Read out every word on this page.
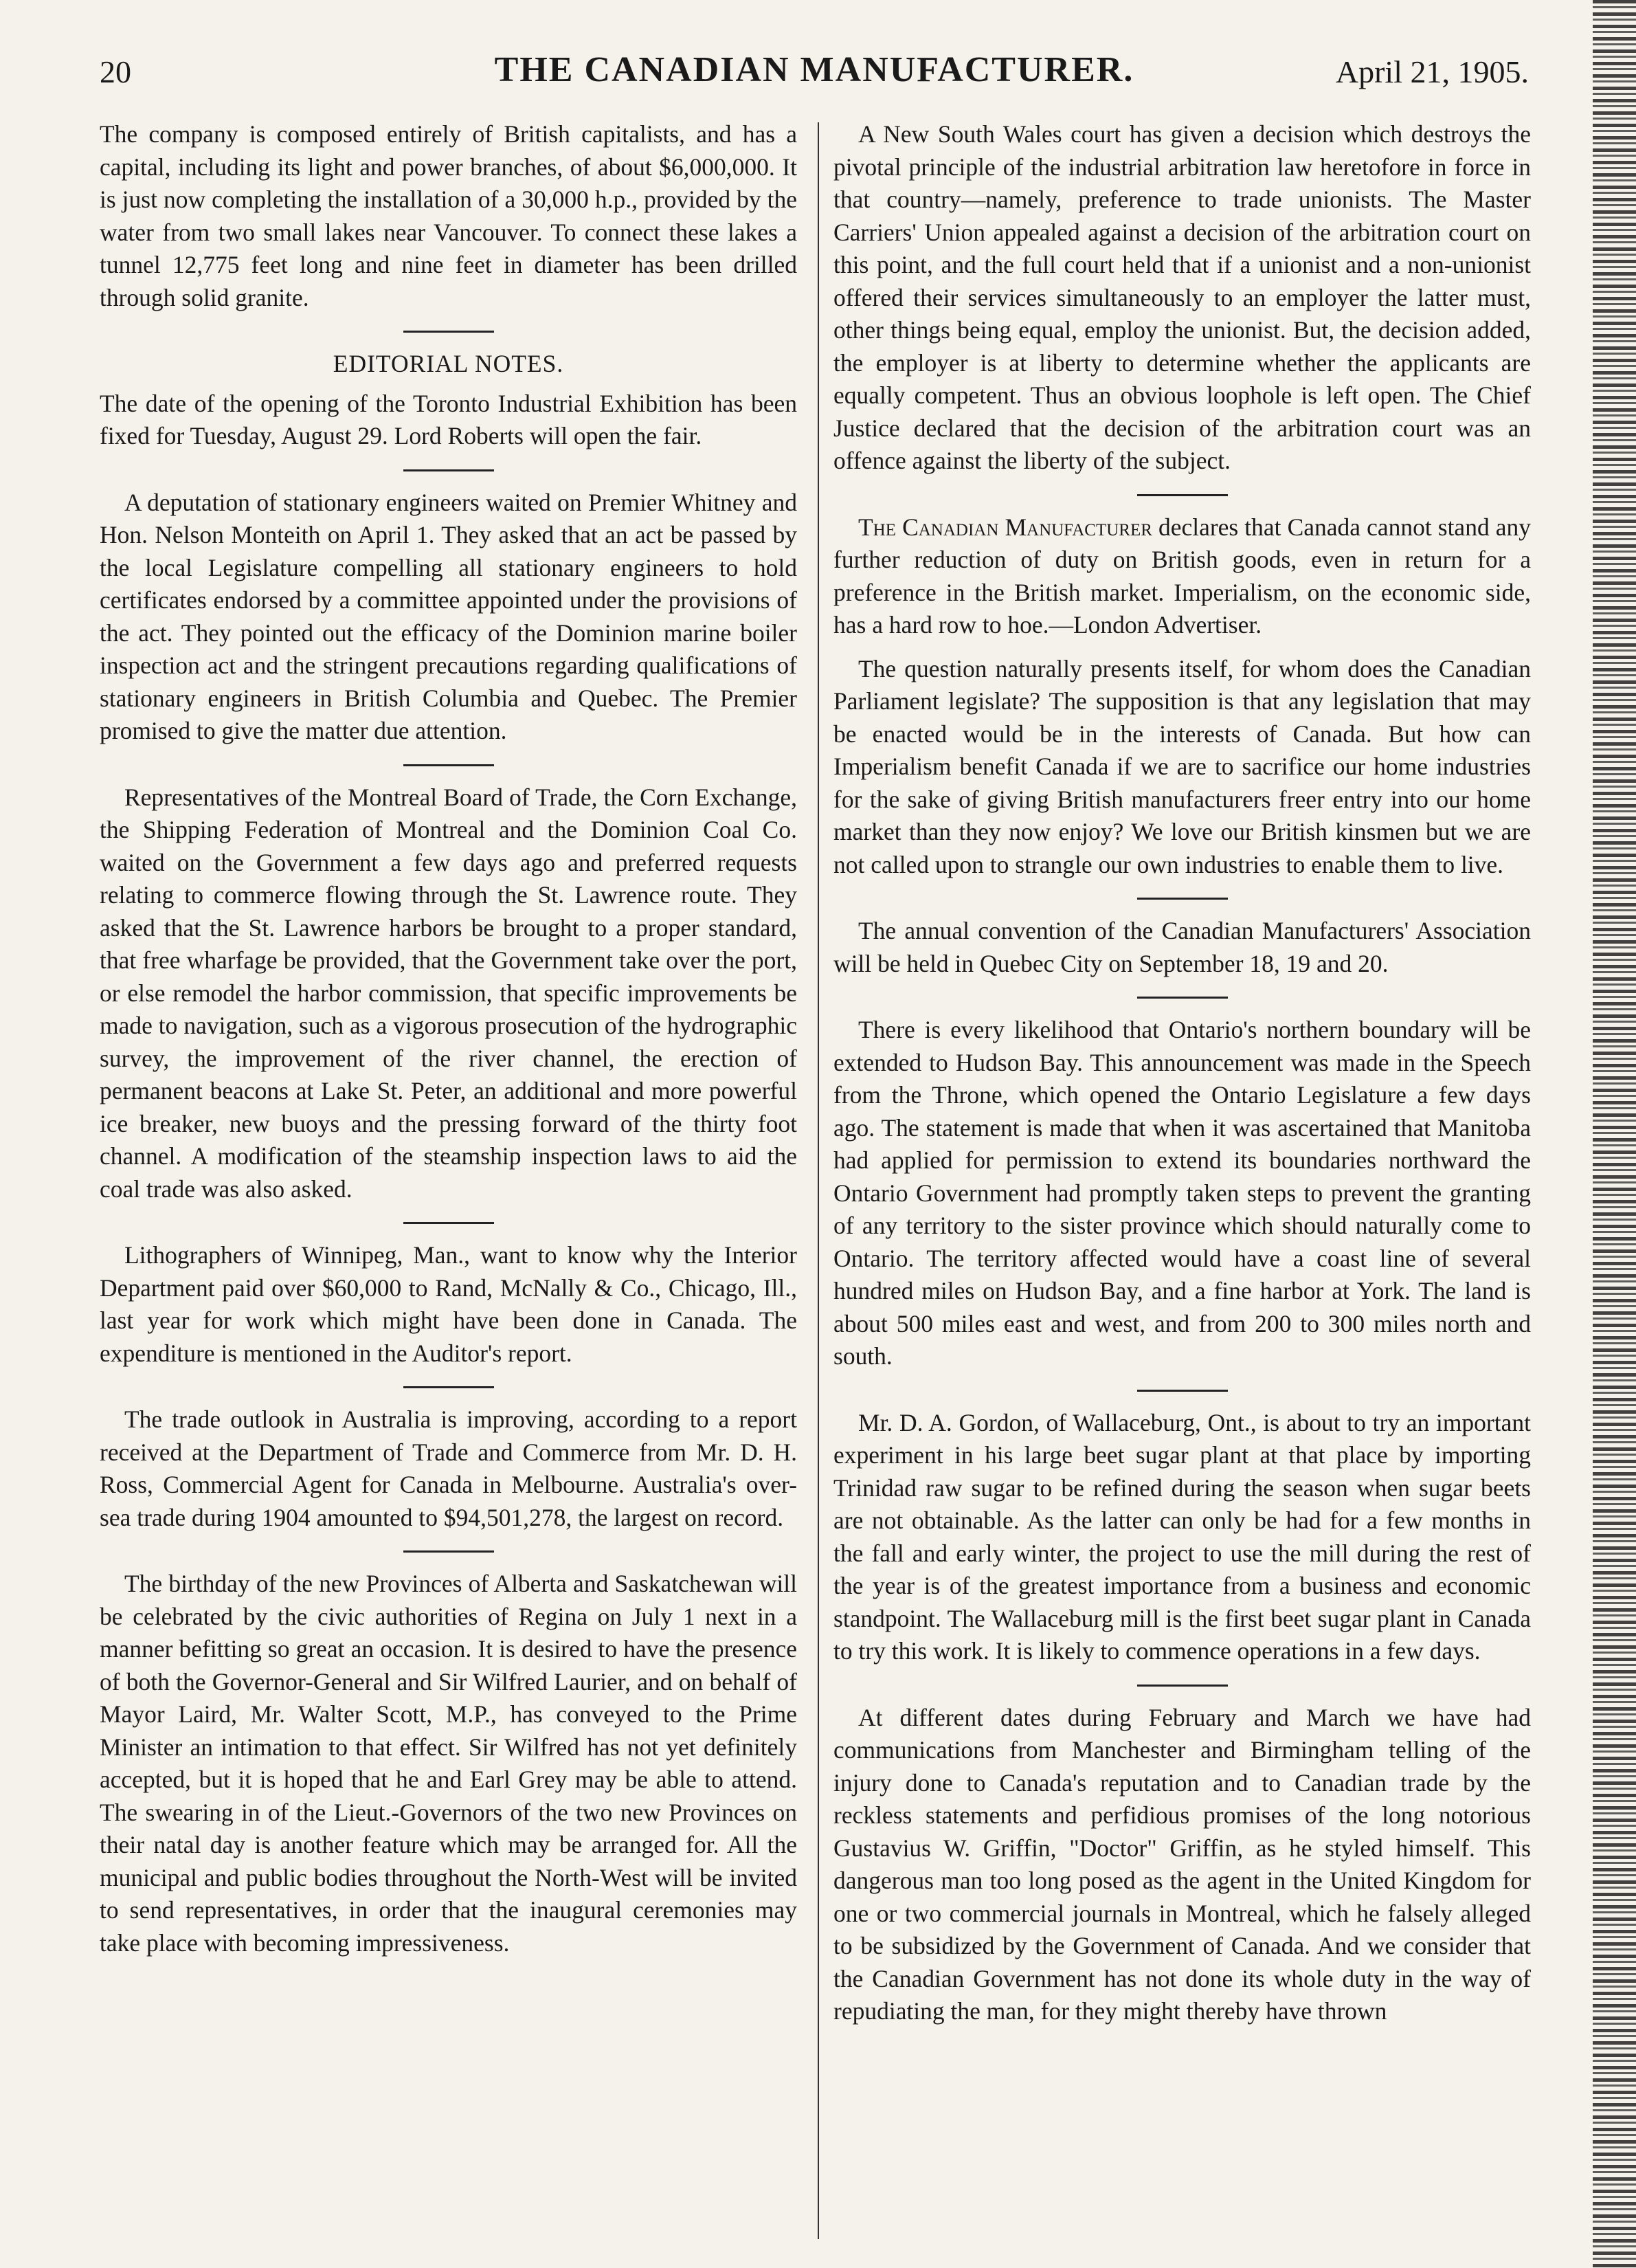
20	THE CANADIAN MANUFACTURER.	April 21, 1905.

The company is composed entirely of British capitalists, and has a capital, including its light and power branches, of about $6,000,000. It is just now completing the installation of a 30,000 h.p., provided by the water from two small lakes near Vancouver. To connect these lakes a tunnel 12,775 feet long and nine feet in diameter has been drilled through solid granite.

EDITORIAL NOTES.

The date of the opening of the Toronto Industrial Exhibition has been fixed for Tuesday, August 29. Lord Roberts will open the fair.

A deputation of stationary engineers waited on Premier Whitney and Hon. Nelson Monteith on April 1. They asked that an act be passed by the local Legislature compelling all stationary engineers to hold certificates endorsed by a committee appointed under the provisions of the act. They pointed out the efficacy of the Dominion marine boiler inspection act and the stringent precautions regarding qualifications of stationary engineers in British Columbia and Quebec. The Premier promised to give the matter due attention.

Representatives of the Montreal Board of Trade, the Corn Exchange, the Shipping Federation of Montreal and the Dominion Coal Co. waited on the Government a few days ago and preferred requests relating to commerce flowing through the St. Lawrence route. They asked that the St. Lawrence harbors be brought to a proper standard, that free wharfage be provided, that the Government take over the port, or else remodel the harbor commission, that specific improvements be made to navigation, such as a vigorous prosecution of the hydrographic survey, the improvement of the river channel, the erection of permanent beacons at Lake St. Peter, an additional and more powerful ice breaker, new buoys and the pressing forward of the thirty foot channel. A modification of the steamship inspection laws to aid the coal trade was also asked.

Lithographers of Winnipeg, Man., want to know why the Interior Department paid over $60,000 to Rand, McNally & Co., Chicago, Ill., last year for work which might have been done in Canada. The expenditure is mentioned in the Auditor's report.

The trade outlook in Australia is improving, according to a report received at the Department of Trade and Commerce from Mr. D. H. Ross, Commercial Agent for Canada in Melbourne. Australia's over-sea trade during 1904 amounted to $94,501,278, the largest on record.

The birthday of the new Provinces of Alberta and Saskatchewan will be celebrated by the civic authorities of Regina on July 1 next in a manner befitting so great an occasion. It is desired to have the presence of both the Governor-General and Sir Wilfred Laurier, and on behalf of Mayor Laird, Mr. Walter Scott, M.P., has conveyed to the Prime Minister an intimation to that effect. Sir Wilfred has not yet definitely accepted, but it is hoped that he and Earl Grey may be able to attend. The swearing in of the Lieut.-Governors of the two new Provinces on their natal day is another feature which may be arranged for. All the municipal and public bodies throughout the North-West will be invited to send representatives, in order that the inaugural ceremonies may take place with becoming impressiveness.

A New South Wales court has given a decision which destroys the pivotal principle of the industrial arbitration law heretofore in force in that country—namely, preference to trade unionists. The Master Carriers' Union appealed against a decision of the arbitration court on this point, and the full court held that if a unionist and a non-unionist offered their services simultaneously to an employer the latter must, other things being equal, employ the unionist. But, the decision added, the employer is at liberty to determine whether the applicants are equally competent. Thus an obvious loophole is left open. The Chief Justice declared that the decision of the arbitration court was an offence against the liberty of the subject.

The Canadian Manufacturer declares that Canada cannot stand any further reduction of duty on British goods, even in return for a preference in the British market. Imperialism, on the economic side, has a hard row to hoe.—London Advertiser.

The question naturally presents itself, for whom does the Canadian Parliament legislate? The supposition is that any legislation that may be enacted would be in the interests of Canada. But how can Imperialism benefit Canada if we are to sacrifice our home industries for the sake of giving British manufacturers freer entry into our home market than they now enjoy? We love our British kinsmen but we are not called upon to strangle our own industries to enable them to live.

The annual convention of the Canadian Manufacturers' Association will be held in Quebec City on September 18, 19 and 20.

There is every likelihood that Ontario's northern boundary will be extended to Hudson Bay. This announcement was made in the Speech from the Throne, which opened the Ontario Legislature a few days ago. The statement is made that when it was ascertained that Manitoba had applied for permission to extend its boundaries northward the Ontario Government had promptly taken steps to prevent the granting of any territory to the sister province which should naturally come to Ontario. The territory affected would have a coast line of several hundred miles on Hudson Bay, and a fine harbor at York. The land is about 500 miles east and west, and from 200 to 300 miles north and south.

Mr. D. A. Gordon, of Wallaceburg, Ont., is about to try an important experiment in his large beet sugar plant at that place by importing Trinidad raw sugar to be refined during the season when sugar beets are not obtainable. As the latter can only be had for a few months in the fall and early winter, the project to use the mill during the rest of the year is of the greatest importance from a business and economic standpoint. The Wallaceburg mill is the first beet sugar plant in Canada to try this work. It is likely to commence operations in a few days.

At different dates during February and March we have had communications from Manchester and Birmingham telling of the injury done to Canada's reputation and to Canadian trade by the reckless statements and perfidious promises of the long notorious Gustavius W. Griffin, "Doctor" Griffin, as he styled himself. This dangerous man too long posed as the agent in the United Kingdom for one or two commercial journals in Montreal, which he falsely alleged to be subsidized by the Government of Canada. And we consider that the Canadian Government has not done its whole duty in the way of repudiating the man, for they might thereby have thrown
